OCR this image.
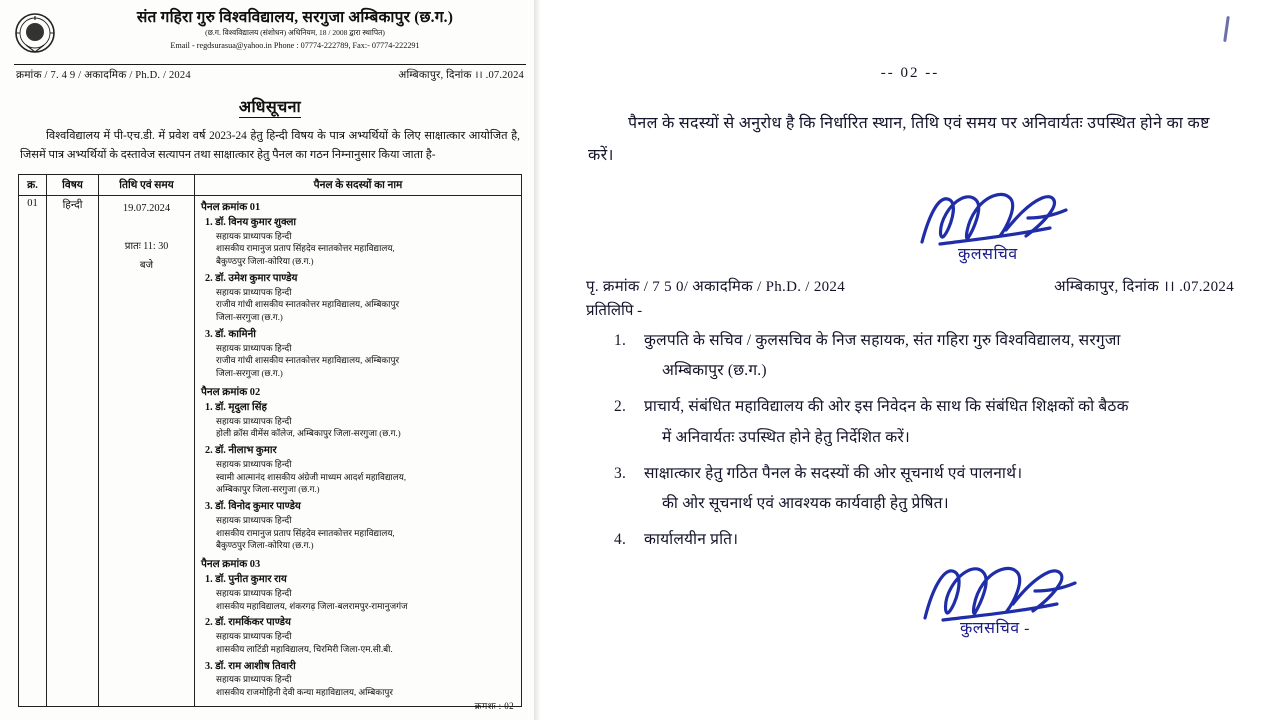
संत गहिरा गुरु विश्वविद्यालय, सरगुजा अम्बिकापुर (छ.ग.)
(छ.ग. विश्वविद्यालय (संशोधन) अधिनियम, 18 / 2008 द्वारा स्थापित)
Email - regdsurasua@yahoo.in Phone : 07774-222789, Fax:- 07774-222291
क्रमांक / 7. 4 9 / अकादमिक / Ph.D. / 2024	अम्बिकापुर, दिनांक ।। .07.2024
अधिसूचना
विश्वविद्यालय में पी-एच.डी. में प्रवेश वर्ष 2023-24 हेतु हिन्दी विषय के पात्र अभ्यर्थियों के लिए साक्षात्कार आयोजित है, जिसमें पात्र अभ्यर्थियों के दस्तावेज सत्यापन तथा साक्षात्कार हेतु पैनल का गठन निम्नानुसार किया जाता है-
क्र.	विषय	तिथि एवं समय	पैनल के सदस्यों का नाम
01	हिन्दी	19.07.2024
प्रातः 11: 30
बजे

पैनल क्रमांक 01
1. डॉ. विनय कुमार शुक्ला
सहायक प्राध्यापक हिन्दी
शासकीय रामानुज प्रताप सिंहदेव स्नातकोत्तर महाविद्यालय,
बैकुण्ठपुर जिला-कोरिया (छ.ग.)
2. डॉ. उमेश कुमार पाण्डेय
सहायक प्राध्यापक हिन्दी
राजीव गांधी शासकीय स्नातकोत्तर महाविद्यालय, अम्बिकापुर
जिला-सरगुजा (छ.ग.)
3. डॉ. कामिनी
सहायक प्राध्यापक हिन्दी
राजीव गांधी शासकीय स्नातकोत्तर महाविद्यालय, अम्बिकापुर
जिला-सरगुजा (छ.ग.)
पैनल क्रमांक 02
1. डॉ. मृदुला सिंह
सहायक प्राध्यापक हिन्दी
होली क्रॉस वीमेंस कॉलेज, अम्बिकापुर जिला-सरगुजा (छ.ग.)
2. डॉ. नीलाभ कुमार
सहायक प्राध्यापक हिन्दी
स्वामी आत्मानंद शासकीय अंग्रेजी माध्यम आदर्श महाविद्यालय,
अम्बिकापुर जिला-सरगुजा (छ.ग.)
3. डॉ. विनोद कुमार पाण्डेय
सहायक प्राध्यापक हिन्दी
शासकीय रामानुज प्रताप सिंहदेव स्नातकोत्तर महाविद्यालय,
बैकुण्ठपुर जिला-कोरिया (छ.ग.)
पैनल क्रमांक 03
1. डॉ. पुनीत कुमार राय
सहायक प्राध्यापक हिन्दी
शासकीय महाविद्यालय, शंकरगढ़ जिला-बलरामपुर-रामानुजगंज
2. डॉ. रामकिंकर पाण्डेय
सहायक प्राध्यापक हिन्दी
शासकीय लाटिंडी महाविद्यालय, चिरमिरी जिला-एम.सी.बी.
3. डॉ. राम आशीष तिवारी
सहायक प्राध्यापक हिन्दी
शासकीय राजमोहिनी देवी कन्या महाविद्यालय, अम्बिकापुर
क्रमशः : 02
-- 02 --
पैनल के सदस्यों से अनुरोध है कि निर्धारित स्थान, तिथि एवं समय पर अनिवार्यतः उपस्थित होने का कष्ट करें।
कुलसचिव
पृ. क्रमांक / 7 5 0/ अकादमिक / Ph.D. / 2024	अम्बिकापुर, दिनांक ।। .07.2024
प्रतिलिपि -
कुलपति के सचिव / कुलसचिव के निज सहायक, संत गहिरा गुरु विश्वविद्यालय, सरगुजा
अम्बिकापुर (छ.ग.)
प्राचार्य, संबंधित महाविद्यालय की ओर इस निवेदन के साथ कि संबंधित शिक्षकों को बैठक
में अनिवार्यतः उपस्थित होने हेतु निर्देशित करें।
साक्षात्कार हेतु गठित पैनल के सदस्यों की ओर सूचनार्थ एवं पालनार्थ।
की ओर सूचनार्थ एवं आवश्यक कार्यवाही हेतु प्रेषित।
कार्यालयीन प्रति।
कुलसचिव -
